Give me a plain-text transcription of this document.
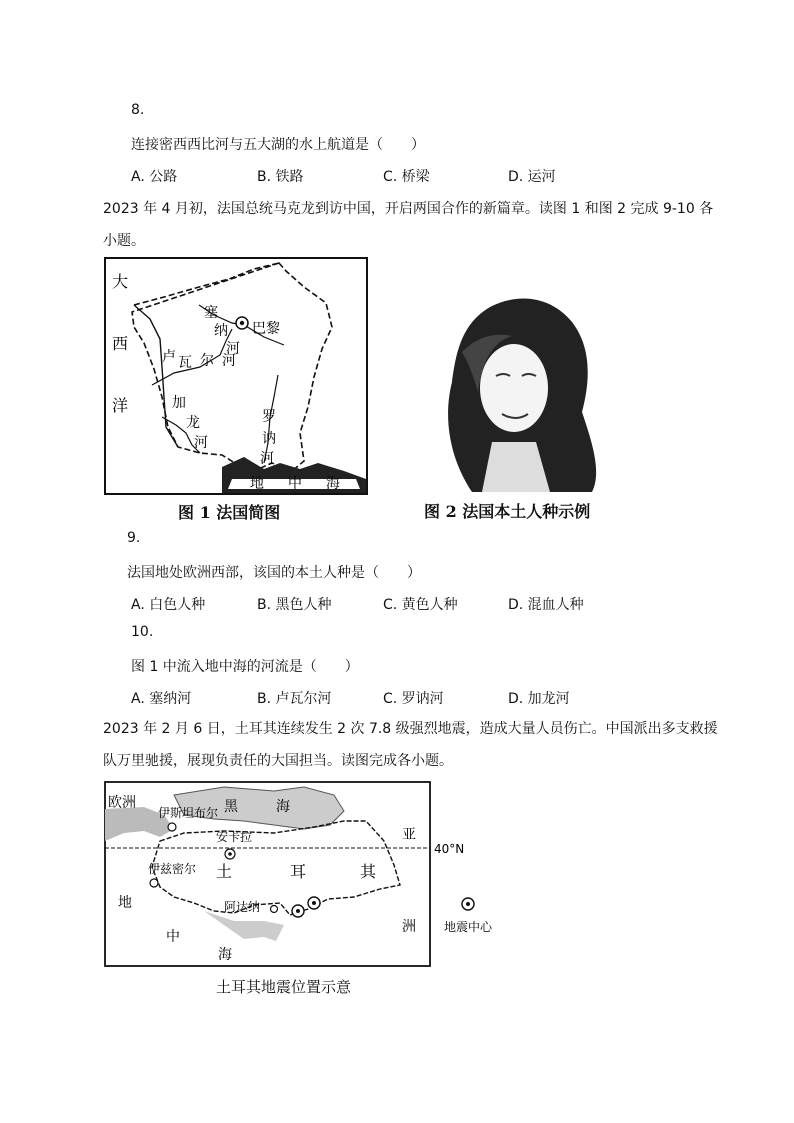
8.
连接密西西比河与五大湖的水上航道是（　　）
A. 公路	B. 铁路	C. 桥梁	D. 运河
2023 年 4 月初，法国总统马克龙到访中国，开启两国合作的新篇章。读图 1 和图 2 完成 9-10 各
小题。
大
西
洋
塞
纳
河
巴黎
卢 瓦 尔 河
加
龙
河
罗
讷
河
地 中 海
图 1 法国简图	图 2 法国本土人种示例
9.
法国地处欧洲西部，该国的本土人种是（　　）
A. 白色人种	B. 黑色人种	C. 黄色人种	D. 混血人种
10.
图 1 中流入地中海的河流是（　　）
A. 塞纳河	B. 卢瓦尔河	C. 罗讷河	D. 加龙河
2023 年 2 月 6 日，土耳其连续发生 2 次 7.8 级强烈地震，造成大量人员伤亡。中国派出多支救援
队万里驰援，展现负责任的大国担当。读图完成各小题。
欧洲	黑	海
伊斯坦布尔
安卡拉	亚
洲
40°N
伊兹密尔 土	耳	其
阿达纳
地
中
海
地震中心
土耳其地震位置示意
